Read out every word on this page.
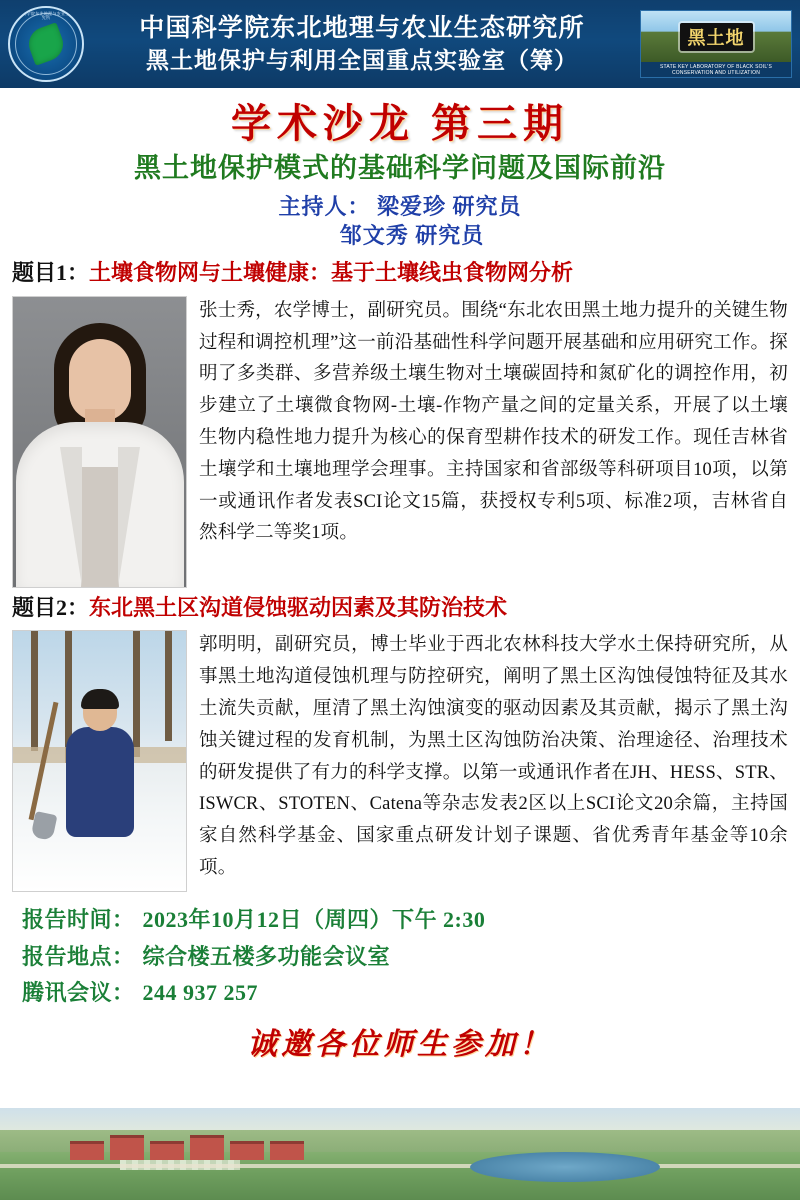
中国科学院东北地理与农业生态研究所	中国科学院东北地理与农业生态研究所
黑土地保护与利用全国重点实验室（筹）
黑土地
STATE KEY LABORATORY OF BLACK SOIL'S CONSERVATION AND UTILIZATION
学术沙龙 第三期
黑土地保护模式的基础科学问题及国际前沿
主持人： 梁爱珍 研究员
邹文秀 研究员
题目1：土壤食物网与土壤健康：基于土壤线虫食物网分析
张士秀，农学博士，副研究员。围绕“东北农田黑土地力提升的关键生物过程和调控机理”这一前沿基础性科学问题开展基础和应用研究工作。探明了多类群、多营养级土壤生物对土壤碳固持和氮矿化的调控作用，初步建立了土壤微食物网-土壤-作物产量之间的定量关系，开展了以土壤生物内稳性地力提升为核心的保育型耕作技术的研发工作。现任吉林省土壤学和土壤地理学会理事。主持国家和省部级等科研项目10项，以第一或通讯作者发表SCI论文15篇，获授权专利5项、标准2项，吉林省自然科学二等奖1项。
题目2：东北黑土区沟道侵蚀驱动因素及其防治技术
郭明明，副研究员，博士毕业于西北农林科技大学水土保持研究所，从事黑土地沟道侵蚀机理与防控研究，阐明了黑土区沟蚀侵蚀特征及其水土流失贡献，厘清了黑土沟蚀演变的驱动因素及其贡献，揭示了黑土沟蚀关键过程的发育机制，为黑土区沟蚀防治决策、治理途径、治理技术的研发提供了有力的科学支撑。以第一或通讯作者在JH、HESS、STR、ISWCR、STOTEN、Catena等杂志发表2区以上SCI论文20余篇，主持国家自然科学基金、国家重点研发计划子课题、省优秀青年基金等10余项。
报告时间： 2023年10月12日（周四）下午 2:30
报告地点： 综合楼五楼多功能会议室
腾讯会议： 244 937 257
诚邀各位师生参加！
